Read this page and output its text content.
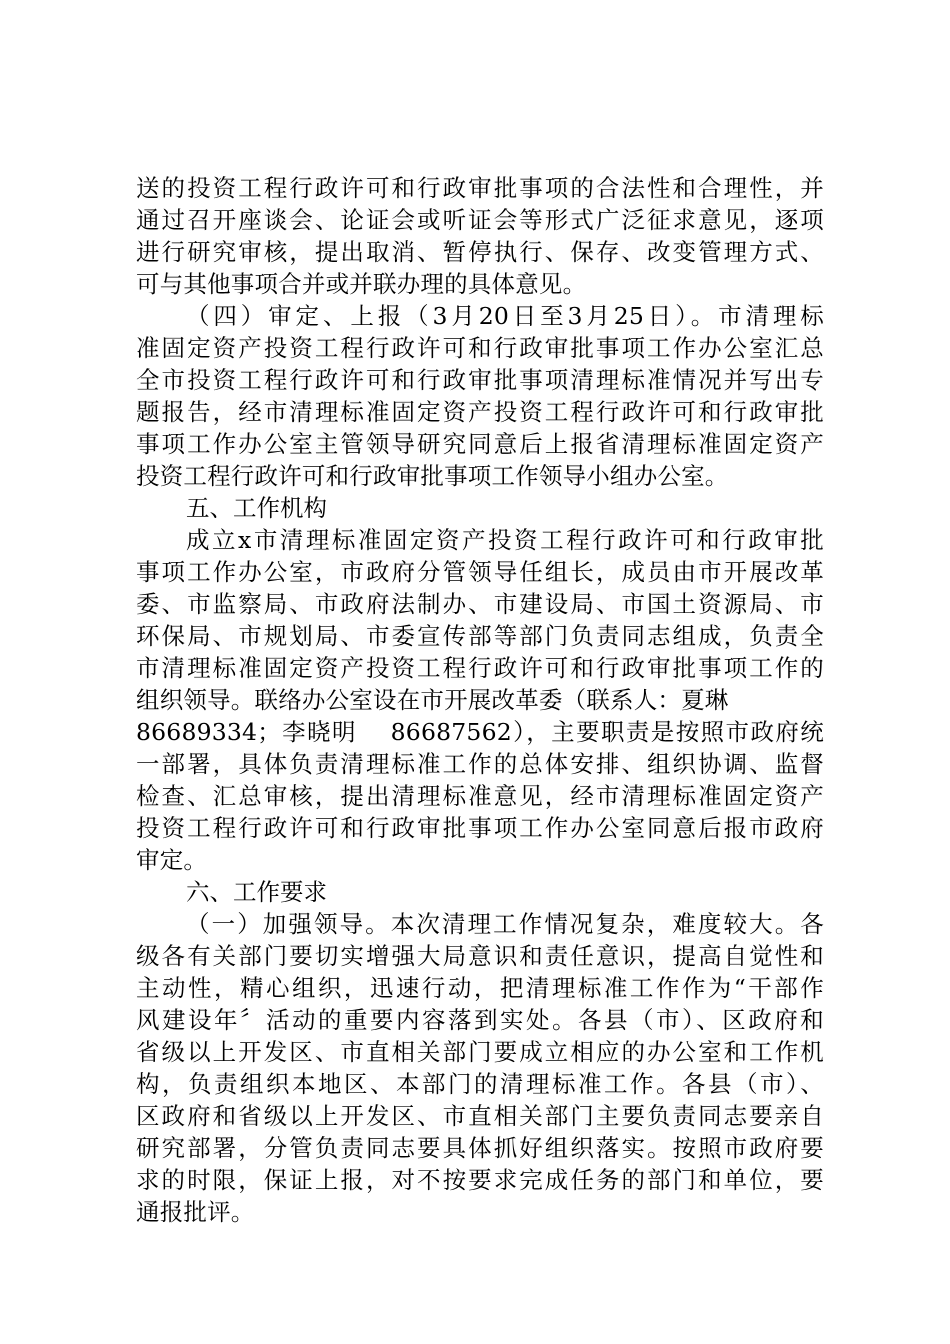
送的投资工程行政许可和行政审批事项的合法性和合理性，并
通过召开座谈会、论证会或听证会等形式广泛征求意见，逐项
进行研究审核，提出取消、暂停执行、保存、改变管理方式、
可与其他事项合并或并联办理的具体意见。
（四）审定、上报（3月20日至3月25日）。市清理标
准固定资产投资工程行政许可和行政审批事项工作办公室汇总
全市投资工程行政许可和行政审批事项清理标准情况并写出专
题报告，经市清理标准固定资产投资工程行政许可和行政审批
事项工作办公室主管领导研究同意后上报省清理标准固定资产
投资工程行政许可和行政审批事项工作领导小组办公室。
五、工作机构
成立x市清理标准固定资产投资工程行政许可和行政审批
事项工作办公室，市政府分管领导任组长，成员由市开展改革
委、市监察局、市政府法制办、市建设局、市国土资源局、市
环保局、市规划局、市委宣传部等部门负责同志组成，负责全
市清理标准固定资产投资工程行政许可和行政审批事项工作的
组织领导。联络办公室设在市开展改革委（联系人：夏琳
86689334；李晓明　 86687562），主要职责是按照市政府统
一部署，具体负责清理标准工作的总体安排、组织协调、监督
检查、汇总审核，提出清理标准意见，经市清理标准固定资产
投资工程行政许可和行政审批事项工作办公室同意后报市政府
审定。
六、工作要求
（一）加强领导。本次清理工作情况复杂，难度较大。各
级各有关部门要切实增强大局意识和责任意识，提高自觉性和
主动性，精心组织，迅速行动，把清理标准工作作为“干部作
风建设年〞活动的重要内容落到实处。各县（市）、区政府和
省级以上开发区、市直相关部门要成立相应的办公室和工作机
构，负责组织本地区、本部门的清理标准工作。各县（市）、
区政府和省级以上开发区、市直相关部门主要负责同志要亲自
研究部署，分管负责同志要具体抓好组织落实。按照市政府要
求的时限，保证上报，对不按要求完成任务的部门和单位，要
通报批评。
